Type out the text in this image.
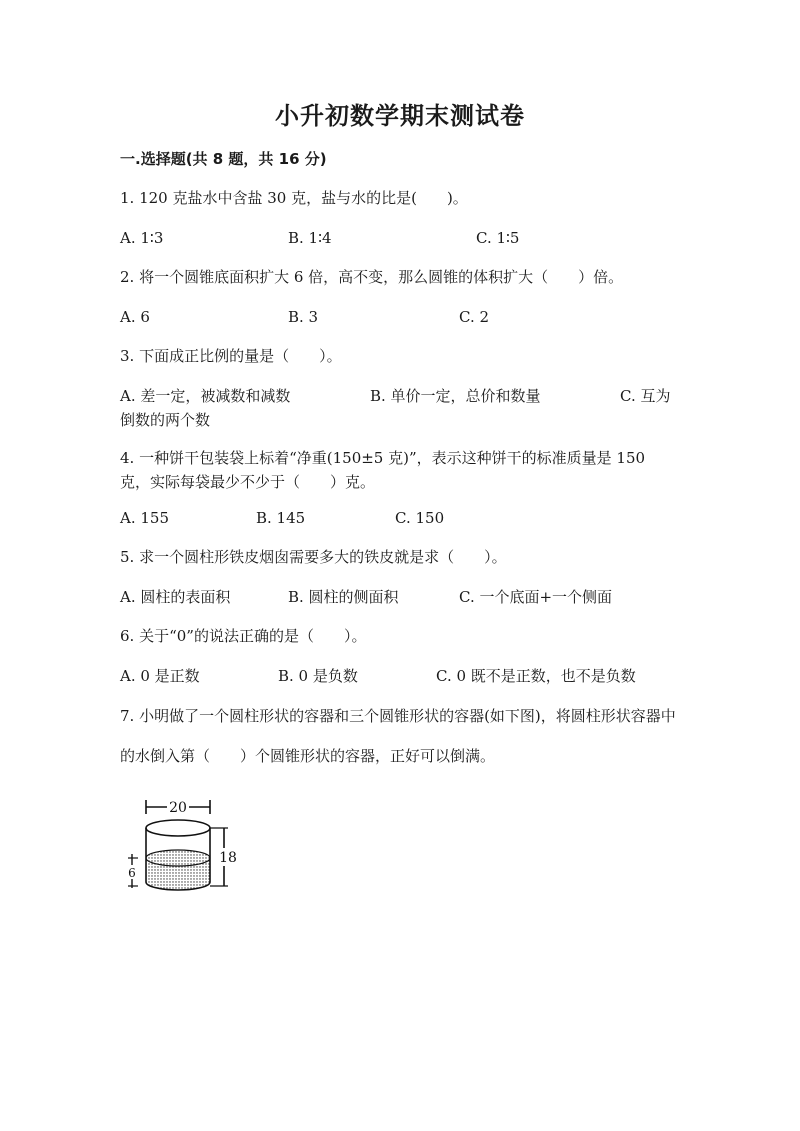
小升初数学期末测试卷
一.选择题(共 8 题，共 16 分)
1. 120 克盐水中含盐 30 克，盐与水的比是(　　)。
A. 1∶3	B. 1∶4	C. 1∶5
2. 将一个圆锥底面积扩大 6 倍，高不变，那么圆锥的体积扩大（　　）倍。
A. 6	B. 3	C. 2
3. 下面成正比例的量是（　　）。
A. 差一定，被减数和减数	B. 单价一定，总价和数量	C. 互为倒数的两个数
4. 一种饼干包装袋上标着“净重(150±5 克)”，表示这种饼干的标准质量是 150 克，实际每袋最少不少于（　　）克。
A. 155	B. 145	C. 150
5. 求一个圆柱形铁皮烟囱需要多大的铁皮就是求（　　）。
A. 圆柱的表面积	B. 圆柱的侧面积	C. 一个底面+一个侧面
6. 关于“0”的说法正确的是（　　）。
A. 0 是正数	B. 0 是负数	C. 0 既不是正数，也不是负数
7. 小明做了一个圆柱形状的容器和三个圆锥形状的容器(如下图)，将圆柱形状容器中的水倒入第（　　）个圆锥形状的容器，正好可以倒满。
20
18
6
